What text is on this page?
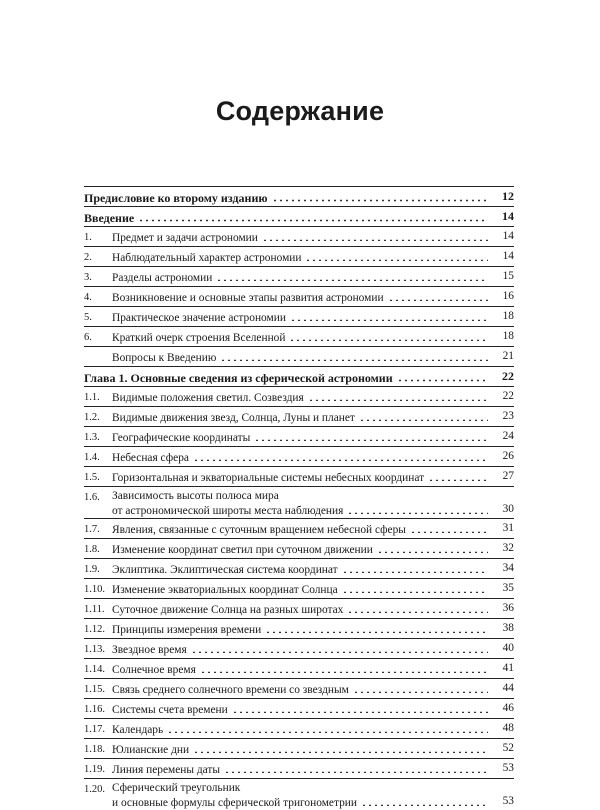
Содержание
Предисловие ко второму изданию	12
Введение	14
1. Предмет и задачи астрономии	14
2. Наблюдательный характер астрономии	14
3. Разделы астрономии	15
4. Возникновение и основные этапы развития астрономии	16
5. Практическое значение астрономии	18
6. Краткий очерк строения Вселенной	18
Вопросы к Введению	21
Глава 1. Основные сведения из сферической астрономии	22
1.1. Видимые положения светил. Созвездия	22
1.2. Видимые движения звезд, Солнца, Луны и планет	23
1.3. Географические координаты	24
1.4. Небесная сфера	26
1.5. Горизонтальная и экваториальные системы небесных координат	27
1.6. Зависимость высоты полюса мира
от астрономической широты места наблюдения	30
1.7. Явления, связанные с суточным вращением небесной сферы	31
1.8. Изменение координат светил при суточном движении	32
1.9. Эклиптика. Эклиптическая система координат	34
1.10. Изменение экваториальных координат Солнца	35
1.11. Суточное движение Солнца на разных широтах	36
1.12. Принципы измерения времени	38
1.13. Звездное время	40
1.14. Солнечное время	41
1.15. Связь среднего солнечного времени со звездным	44
1.16. Системы счета времени	46
1.17. Календарь	48
1.18. Юлианские дни	52
1.19. Линия перемены даты	53
1.20. Сферический треугольник
и основные формулы сферической тригонометрии	53
